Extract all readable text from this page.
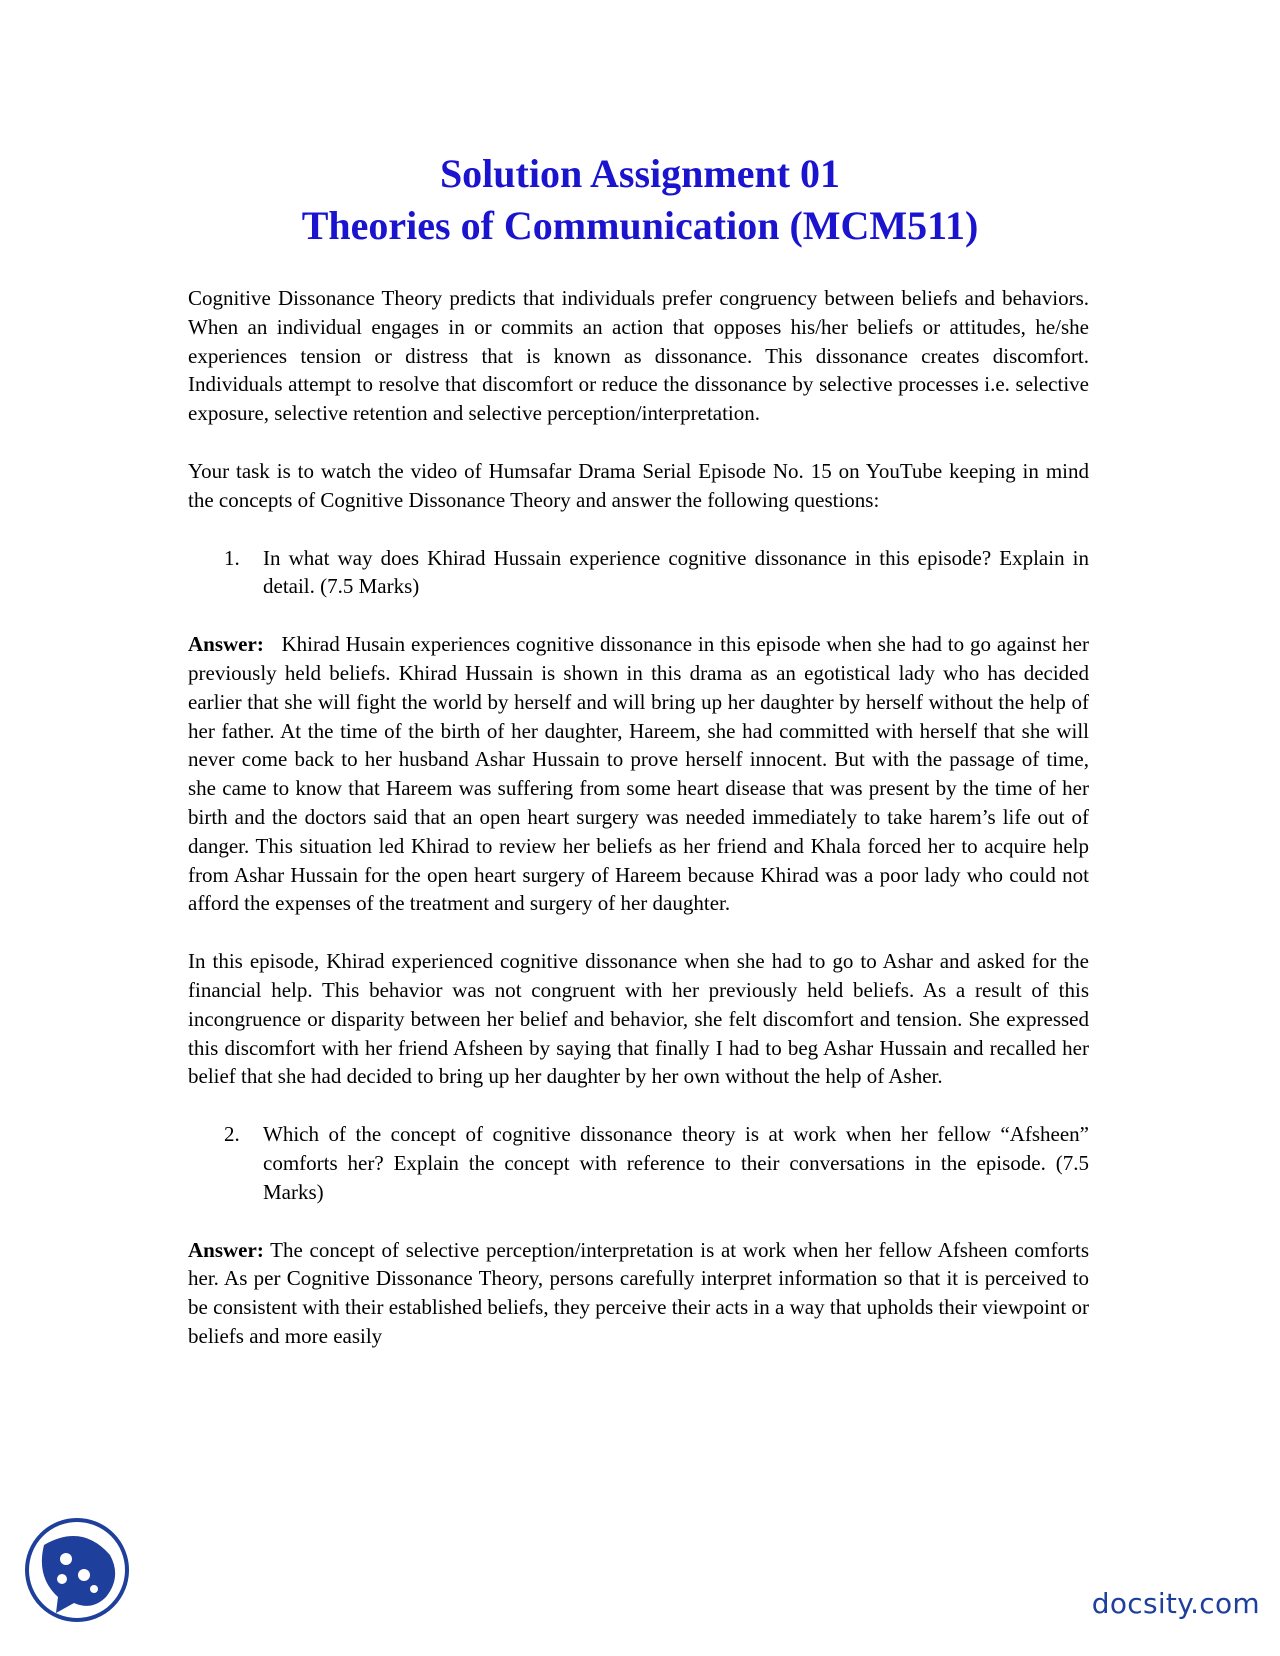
Solution Assignment 01
Theories of Communication (MCM511)

Cognitive Dissonance Theory predicts that individuals prefer congruency between beliefs and behaviors. When an individual engages in or commits an action that opposes his/her beliefs or attitudes, he/she experiences tension or distress that is known as dissonance. This dissonance creates discomfort. Individuals attempt to resolve that discomfort or reduce the dissonance by selective processes i.e. selective exposure, selective retention and selective perception/interpretation.

Your task is to watch the video of Humsafar Drama Serial Episode No. 15 on YouTube keeping in mind the concepts of Cognitive Dissonance Theory and answer the following questions:

1.	In what way does Khirad Hussain experience cognitive dissonance in this episode? Explain in detail. (7.5 Marks)

Answer: Khirad Husain experiences cognitive dissonance in this episode when she had to go against her previously held beliefs. Khirad Hussain is shown in this drama as an egotistical lady who has decided earlier that she will fight the world by herself and will bring up her daughter by herself without the help of her father. At the time of the birth of her daughter, Hareem, she had committed with herself that she will never come back to her husband Ashar Hussain to prove herself innocent. But with the passage of time, she came to know that Hareem was suffering from some heart disease that was present by the time of her birth and the doctors said that an open heart surgery was needed immediately to take harem’s life out of danger. This situation led Khirad to review her beliefs as her friend and Khala forced her to acquire help from Ashar Hussain for the open heart surgery of Hareem because Khirad was a poor lady who could not afford the expenses of the treatment and surgery of her daughter.

In this episode, Khirad experienced cognitive dissonance when she had to go to Ashar and asked for the financial help. This behavior was not congruent with her previously held beliefs. As a result of this incongruence or disparity between her belief and behavior, she felt discomfort and tension. She expressed this discomfort with her friend Afsheen by saying that finally I had to beg Ashar Hussain and recalled her belief that she had decided to bring up her daughter by her own without the help of Asher.

2.	Which of the concept of cognitive dissonance theory is at work when her fellow “Afsheen” comforts her? Explain the concept with reference to their conversations in the episode. (7.5 Marks)

Answer: The concept of selective perception/interpretation is at work when her fellow Afsheen comforts her. As per Cognitive Dissonance Theory, persons carefully interpret information so that it is perceived to be consistent with their established beliefs, they perceive their acts in a way that upholds their viewpoint or beliefs and more easily

docsity.com
